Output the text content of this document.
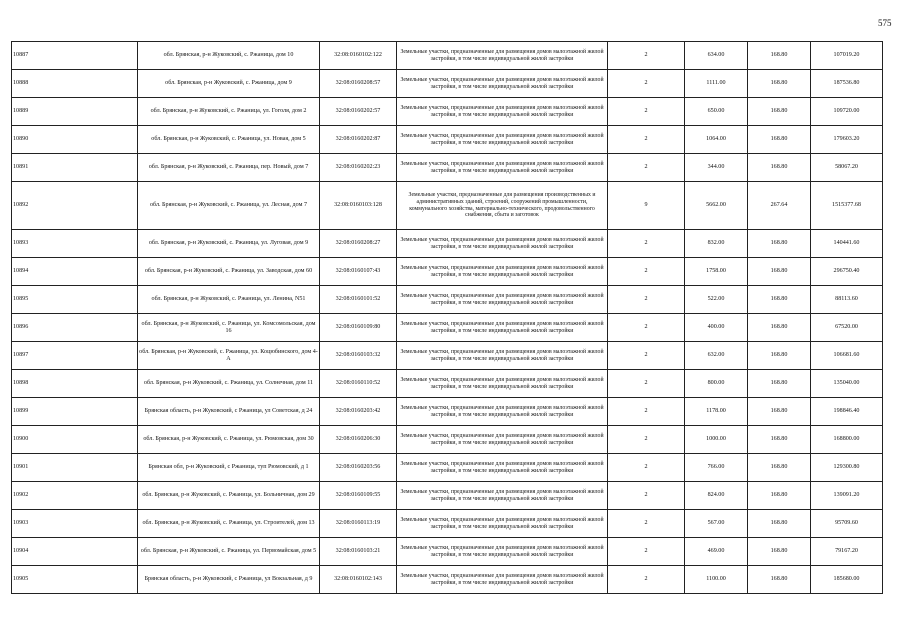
575
10887		обл. Брянская, р-н Жуковский, с. Ржаница, дом 10	32:08:0160102:122	Земельные участки, предназначенные для размещения домов малоэтажной жилой застройки, в том числе индивидуальной жилой застройки	2	634.00	168.80	107019.20
10888		обл. Брянская, р-н Жуковский, с. Ржаница, дом 9	32:08:0160208:57	Земельные участки, предназначенные для размещения домов малоэтажной жилой застройки, в том числе индивидуальной жилой застройки	2	1111.00	168.80	187536.80
10889		обл. Брянская, р-н Жуковский, с. Ржаница, ул. Гоголя, дом 2	32:08:0160202:57	Земельные участки, предназначенные для размещения домов малоэтажной жилой застройки, в том числе индивидуальной жилой застройки	2	650.00	168.80	109720.00
10890		обл. Брянская, р-н Жуковский, с. Ржаница, ул. Новая, дом 5	32:08:0160202:87	Земельные участки, предназначенные для размещения домов малоэтажной жилой застройки, в том числе индивидуальной жилой застройки	2	1064.00	168.80	179603.20
10891		обл. Брянская, р-н Жуковский, с. Ржаница, пер. Новый, дом 7	32:08:0160202:23	Земельные участки, предназначенные для размещения домов малоэтажной жилой застройки, в том числе индивидуальной жилой застройки	2	344.00	168.80	58067.20
10892		обл. Брянская, р-н Жуковский, с. Ржаница, ул. Лесная, дом 7	32:08:0160103:128	Земельные участки, предназначенные для размещения производственных и административных зданий, строений, сооружений промышленности, коммунального хозяйства, материально-технического, продовольственного снабжения, сбыта и заготовок	9	5662.00	267.64	1515377.68
10893		обл. Брянская, р-н Жуковский, с. Ржаница, ул. Луговая, дом 9	32:08:0160208:27	Земельные участки, предназначенные для размещения домов малоэтажной жилой застройки, в том числе индивидуальной жилой застройки	2	832.00	168.80	140441.60
10894		обл. Брянская, р-н Жуковский, с. Ржаница, ул. Заводская, дом 60	32:08:0160107:43	Земельные участки, предназначенные для размещения домов малоэтажной жилой застройки, в том числе индивидуальной жилой застройки	2	1758.00	168.80	296750.40
10895		обл. Брянская, р-н Жуковский, с. Ржаница, ул. Ленина, N51	32:08:0160101:52	Земельные участки, предназначенные для размещения домов малоэтажной жилой застройки, в том числе индивидуальной жилой застройки	2	522.00	168.80	88113.60
10896		обл. Брянская, р-н Жуковский, с. Ржаница, ул. Комсомольская, дом 16	32:08:0160109:80	Земельные участки, предназначенные для размещения домов малоэтажной жилой застройки, в том числе индивидуальной жилой застройки	2	400.00	168.80	67520.00
10897		обл. Брянская, р-н Жуковский, с. Ржаница, ул. Коцюбинского, дом 4-А	32:08:0160103:32	Земельные участки, предназначенные для размещения домов малоэтажной жилой застройки, в том числе индивидуальной жилой застройки	2	632.00	168.80	106681.60
10898		обл. Брянская, р-н Жуковский, с. Ржаница, ул. Солнечная, дом 11	32:08:0160110:52	Земельные участки, предназначенные для размещения домов малоэтажной жилой застройки, в том числе индивидуальной жилой застройки	2	800.00	168.80	135040.00
10899		Брянская область, р-н Жуковский, с Ржаница, ул Советская, д 24	32:08:0160203:42	Земельные участки, предназначенные для размещения домов малоэтажной жилой застройки, в том числе индивидуальной жилой застройки	2	1178.00	168.80	198846.40
10900		обл. Брянская, р-н Жуковский, с. Ржаница, ул. Рюмовская, дом 30	32:08:0160206:30	Земельные участки, предназначенные для размещения домов малоэтажной жилой застройки, в том числе индивидуальной жилой застройки	2	1000.00	168.80	168800.00
10901		Брянская обл, р-н Жуковский, с Ржаница, туп Рюмовский, д 1	32:08:0160203:56	Земельные участки, предназначенные для размещения домов малоэтажной жилой застройки, в том числе индивидуальной жилой застройки	2	766.00	168.80	129300.80
10902		обл. Брянская, р-н Жуковский, с. Ржаница, ул. Больничная, дом 29	32:08:0160109:55	Земельные участки, предназначенные для размещения домов малоэтажной жилой застройки, в том числе индивидуальной жилой застройки	2	824.00	168.80	139091.20
10903		обл. Брянская, р-н Жуковский, с. Ржаница, ул. Строителей, дом 13	32:08:0160113:19	Земельные участки, предназначенные для размещения домов малоэтажной жилой застройки, в том числе индивидуальной жилой застройки	2	567.00	168.80	95709.60
10904		обл. Брянская, р-н Жуковский, с. Ржаница, ул. Первомайская, дом 5	32:08:0160103:21	Земельные участки, предназначенные для размещения домов малоэтажной жилой застройки, в том числе индивидуальной жилой застройки	2	469.00	168.80	79167.20
10905		Брянская область, р-н Жуковский, с Ржаница, ул Вокзальная, д 9	32:08:0160102:143	Земельные участки, предназначенные для размещения домов малоэтажной жилой застройки, в том числе индивидуальной жилой застройки	2	1100.00	168.80	185680.00
